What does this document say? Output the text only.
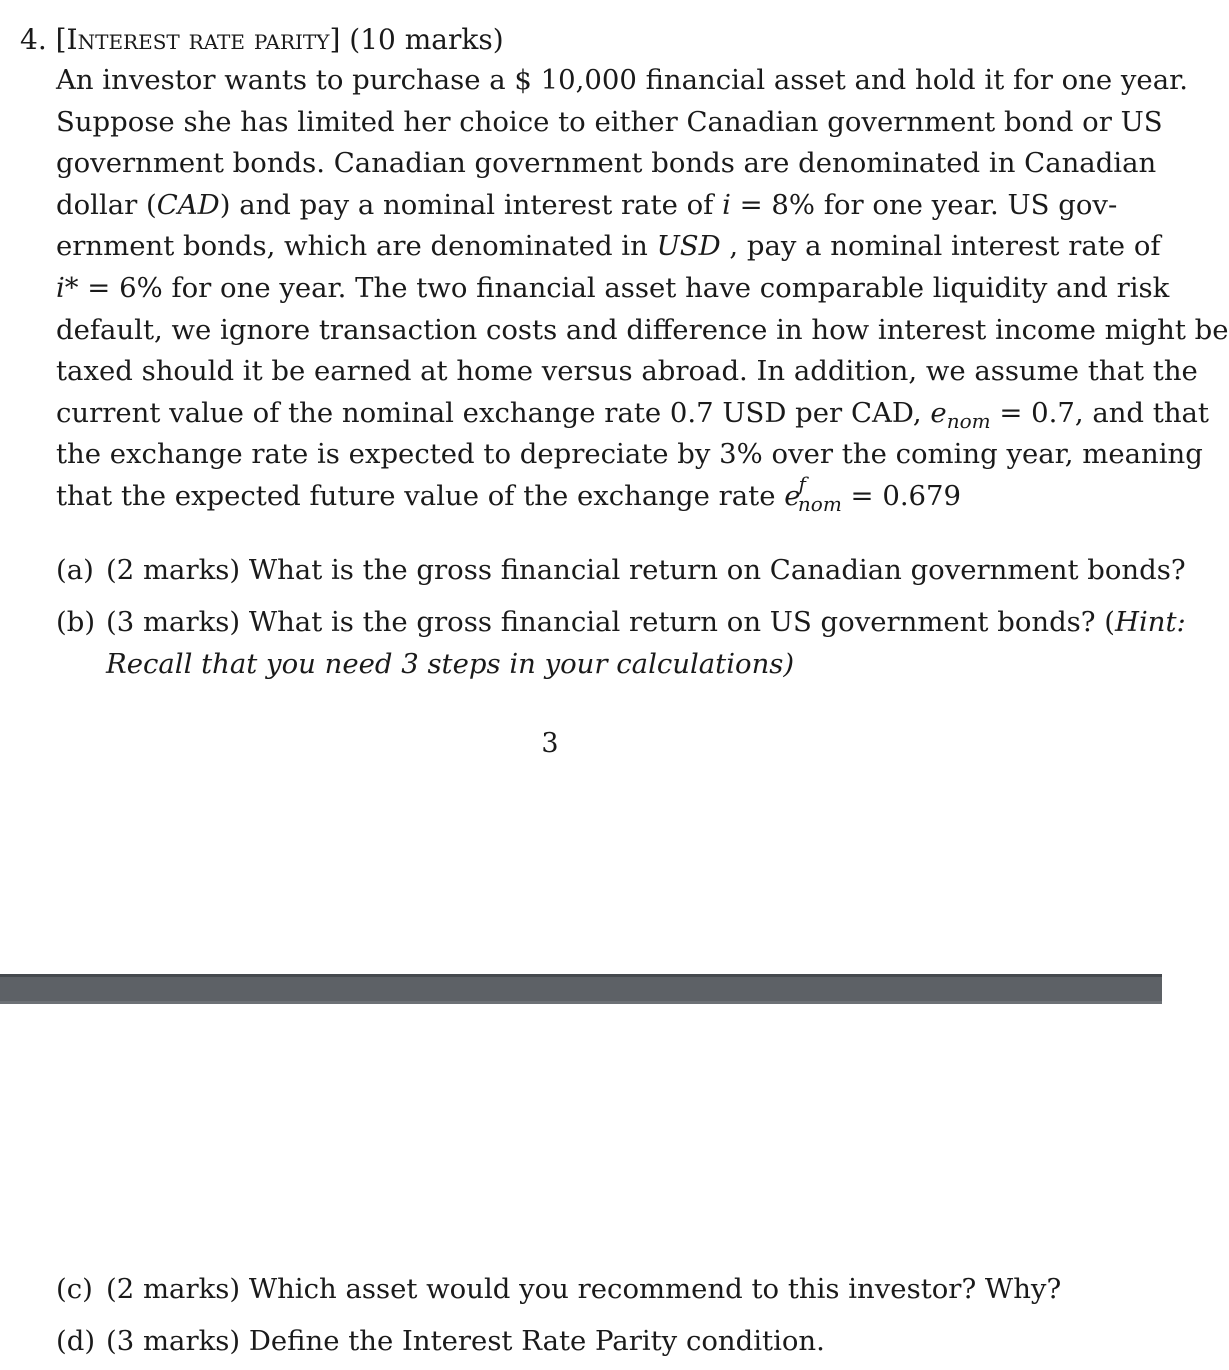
4. [Interest rate parity] (10 marks)
An investor wants to purchase a $ 10,000 financial asset and hold it for one year.
Suppose she has limited her choice to either Canadian government bond or US
government bonds. Canadian government bonds are denominated in Canadian
dollar (CAD) and pay a nominal interest rate of i = 8% for one year. US gov-
ernment bonds, which are denominated in USD , pay a nominal interest rate of
i* = 6% for one year. The two financial asset have comparable liquidity and risk
default, we ignore transaction costs and difference in how interest income might be
taxed should it be earned at home versus abroad. In addition, we assume that the
current value of the nominal exchange rate 0.7 USD per CAD, $e_{nom} = 0.7$, and that
the exchange rate is expected to depreciate by 3% over the coming year, meaning
that the expected future value of the exchange rate $e^f_{nom} = 0.679$
(a) (2 marks) What is the gross financial return on Canadian government bonds?
(b) (3 marks) What is the gross financial return on US government bonds? (Hint:
Recall that you need 3 steps in your calculations)
3
(c) (2 marks) Which asset would you recommend to this investor? Why?
(d) (3 marks) Define the Interest Rate Parity condition.
